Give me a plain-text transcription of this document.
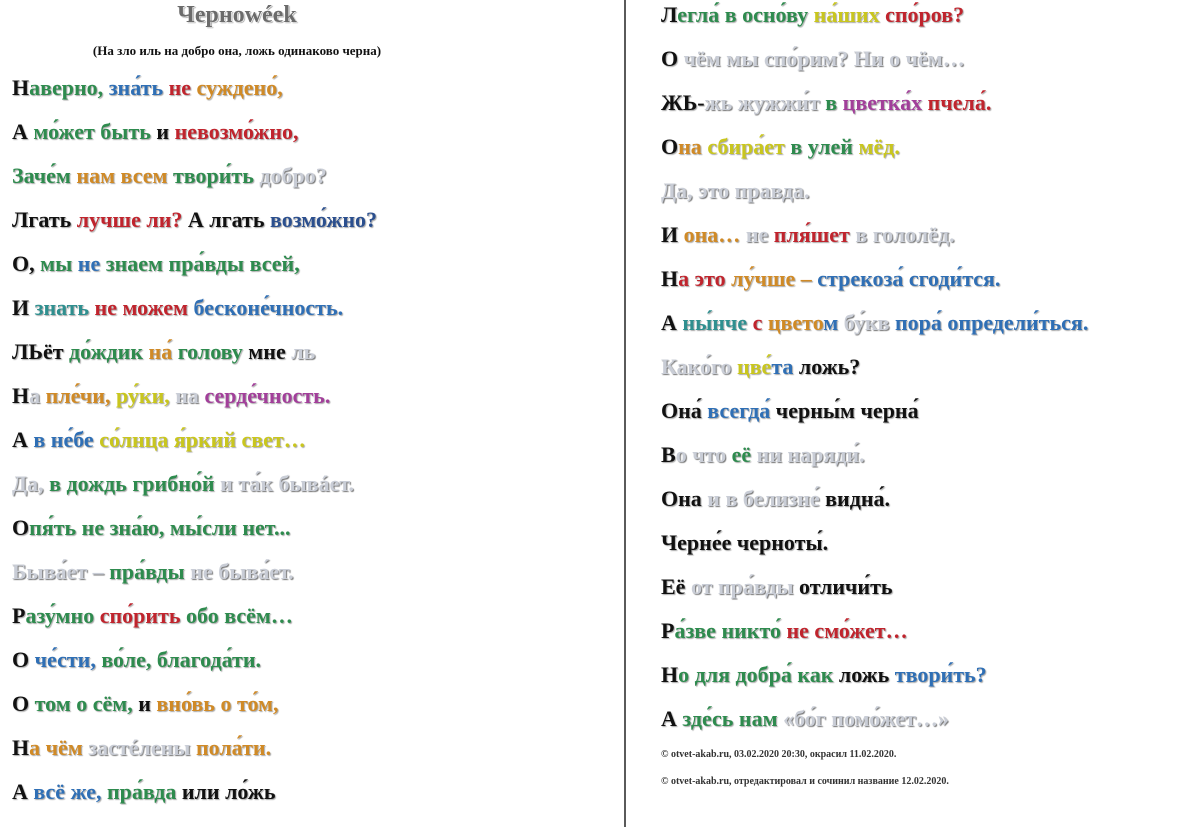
Черноwéek
(На зло иль на добро она, ложь одинаково черна)
Наверно, зна́ть не суждено́,
А мо́жет быть и невозмо́жно,
Заче́м нам всем твори́ть добро?
Лгать лучше ли? А лгать возмо́жно?
О, мы не знаем пра́вды всей,
И знать не можем бесконе́чность.
ЛЬёт до́ждик на́ голову мне ль
На пле́чи, ру́ки, на серде́чность.
А в не́бе со́лнца я́ркий свет…
Да, в дождь грибно́й и та́к бывáет.
Опя́ть не зна́ю, мы́сли нет...
Быва́ет – пра́вды не быва́ет.
Разу́мно спо́рить обо всём…
О че́сти, во́ле, благода́ти.
О том о сём, и вно́вь о то́м,
На чём застéлены пола́ти.
А всё же, пра́вда или ло́жь
Легла́ в осно́ву на́ших спо́ров?
О чём мы спо́рим? Ни о чём…
ЖЬ-жь жужжи́т в цветка́х пчела́.
Она сбира́ет в улей мёд.
Да, это правда.
И она… не пля́шет в гололёд.
На это лу́чше – стрекоза́ сгоди́тся.
А ны́нче с цветом бу́кв пора́ определи́ться.
Како́го цве́та ложь?
Она́ всегда́ черны́м черна́
Во что её ни наряди́.
Она и в белизне́ видна́.
Черне́е черноты́.
Её от пра́вды отличи́ть
Ра́зве никто́ не смо́жет…
Но для добра́ как ложь твори́ть?
А зде́сь нам «бо́г помо́жет…»
© otvet-akab.ru, 03.02.2020 20:30, окрасил 11.02.2020.
© otvet-akab.ru, отредактировал и сочинил название 12.02.2020.
